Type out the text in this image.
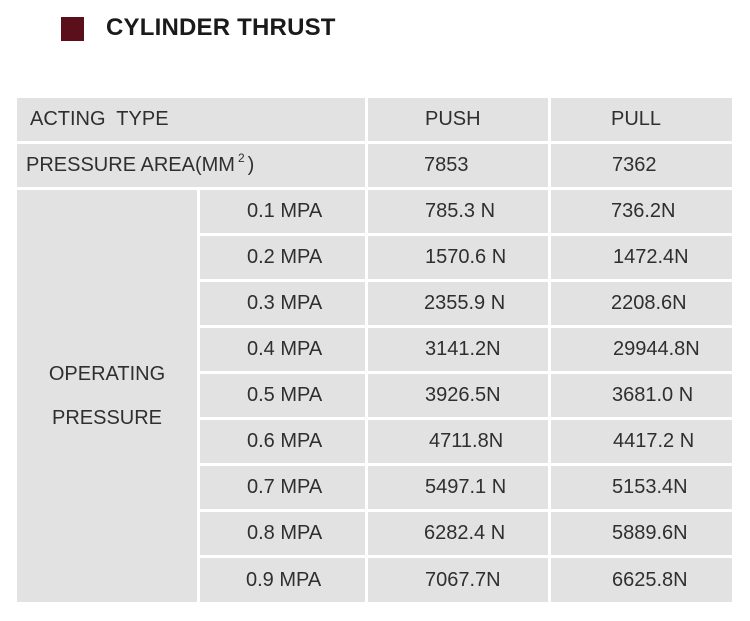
CYLINDER THRUST
ACTING  TYPE	PUSH	PULL
PRESSURE AREA(MM 2 )	7853	7362
OPERATING
PRESSURE
0.1 MPA	785.3 N	736.2N
0.2 MPA	1570.6 N	1472.4N
0.3 MPA	2355.9 N	2208.6N
0.4 MPA	3141.2N	29944.8N
0.5 MPA	3926.5N	3681.0 N
0.6 MPA	4711.8N	4417.2 N
0.7 MPA	5497.1 N	5153.4N
0.8 MPA	6282.4 N	5889.6N
0.9 MPA	7067.7N	6625.8N
